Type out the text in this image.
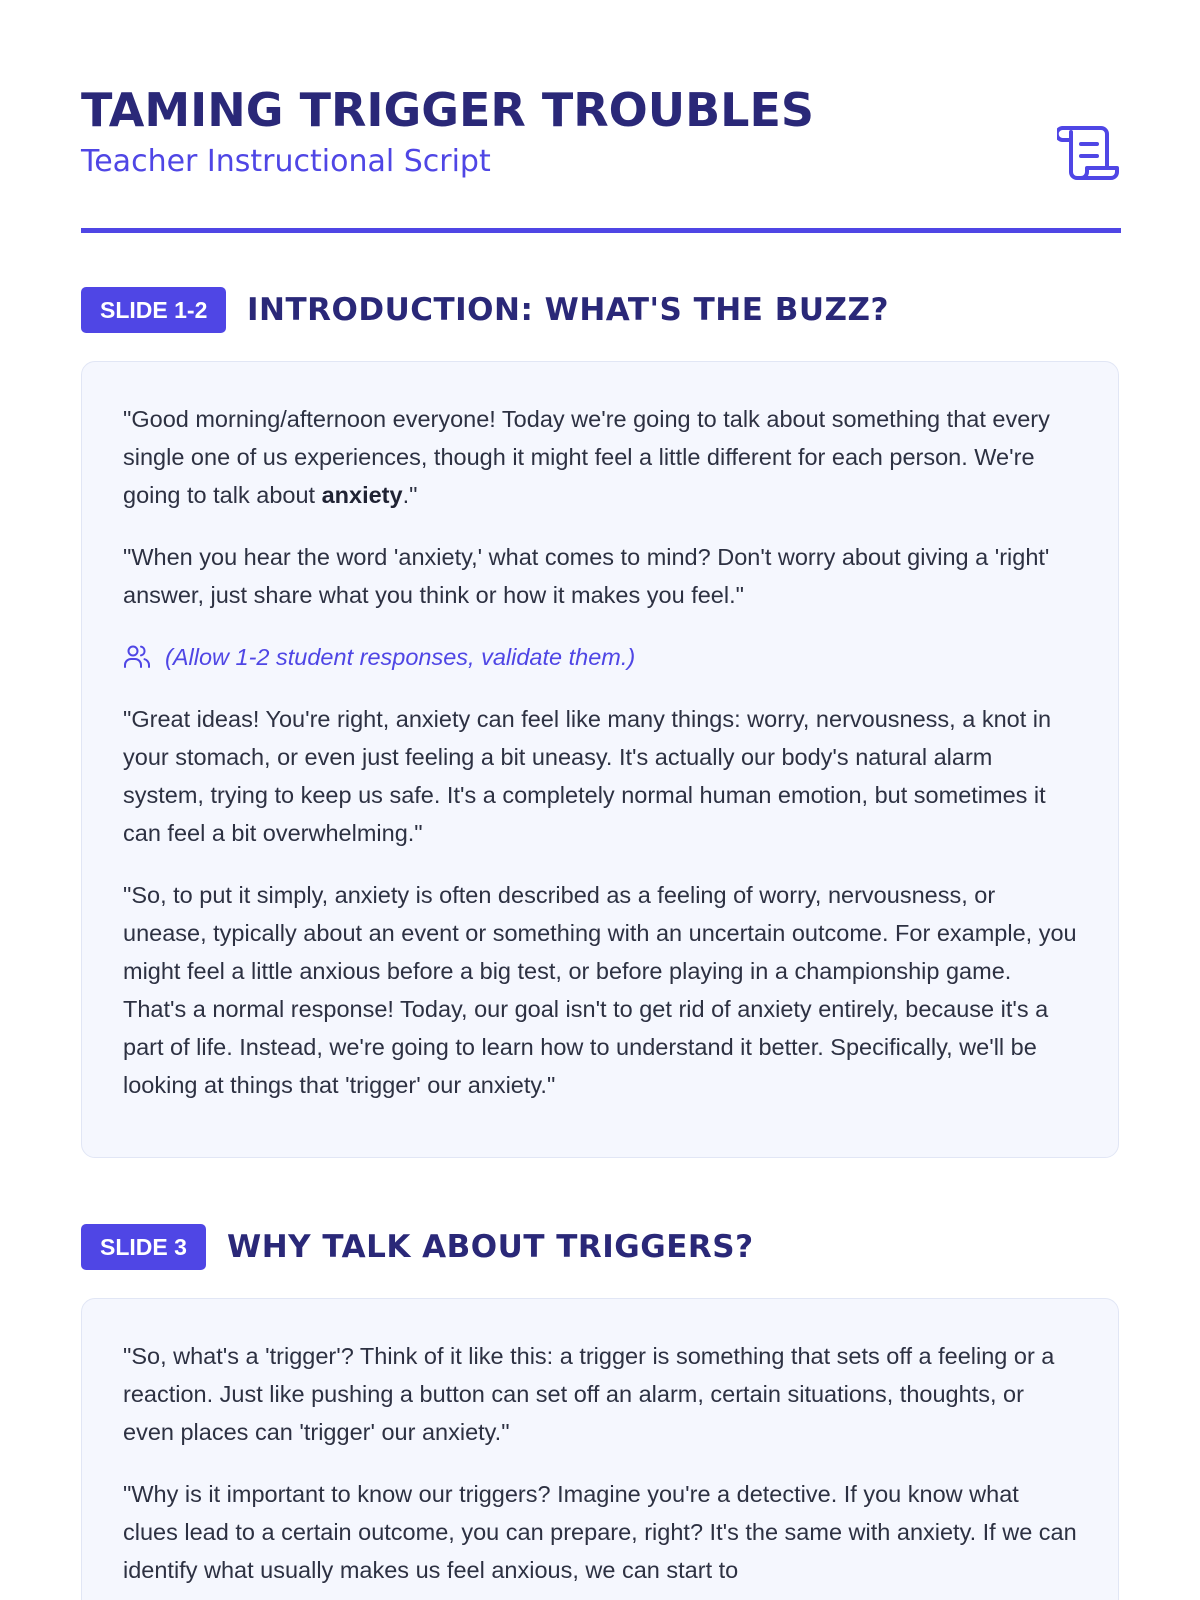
TAMING TRIGGER TROUBLES
Teacher Instructional Script
SLIDE 1-2	INTRODUCTION: WHAT'S THE BUZZ?

"Good morning/afternoon everyone! Today we're going to talk about something that every single one of us experiences, though it might feel a little different for each person. We're going to talk about anxiety."

"When you hear the word 'anxiety,' what comes to mind? Don't worry about giving a 'right' answer, just share what you think or how it makes you feel."

(Allow 1-2 student responses, validate them.)

"Great ideas! You're right, anxiety can feel like many things: worry, nervousness, a knot in your stomach, or even just feeling a bit uneasy. It's actually our body's natural alarm system, trying to keep us safe. It's a completely normal human emotion, but sometimes it can feel a bit overwhelming."

"So, to put it simply, anxiety is often described as a feeling of worry, nervousness, or unease, typically about an event or something with an uncertain outcome. For example, you might feel a little anxious before a big test, or before playing in a championship game. That's a normal response! Today, our goal isn't to get rid of anxiety entirely, because it's a part of life. Instead, we're going to learn how to understand it better. Specifically, we'll be looking at things that 'trigger' our anxiety."

SLIDE 3	WHY TALK ABOUT TRIGGERS?

"So, what's a 'trigger'? Think of it like this: a trigger is something that sets off a feeling or a reaction. Just like pushing a button can set off an alarm, certain situations, thoughts, or even places can 'trigger' our anxiety."

"Why is it important to know our triggers? Imagine you're a detective. If you know what clues lead to a certain outcome, you can prepare, right? It's the same with anxiety. If we can identify what usually makes us feel anxious, we can start to
